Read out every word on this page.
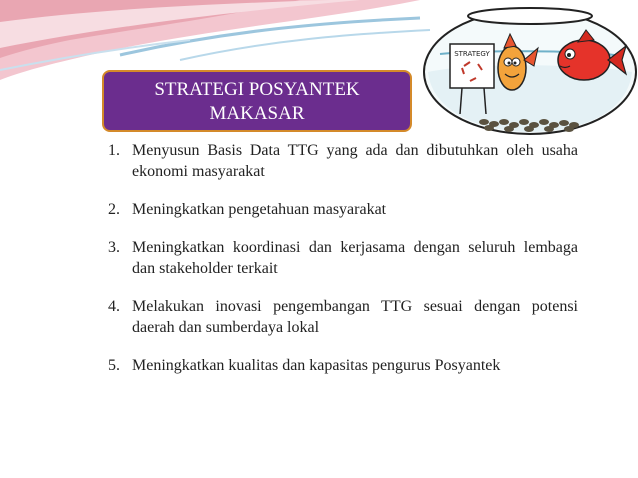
STRATEGI POSYANTEK
MAKASAR
STRATEGY
1. Menyusun Basis Data TTG yang ada dan dibutuhkan oleh usaha ekonomi masyarakat
2. Meningkatkan pengetahuan masyarakat
3. Meningkatkan koordinasi dan kerjasama dengan seluruh lembaga dan stakeholder terkait
4. Melakukan inovasi pengembangan TTG sesuai dengan potensi daerah dan sumberdaya lokal
5. Meningkatkan kualitas dan kapasitas pengurus Posyantek
